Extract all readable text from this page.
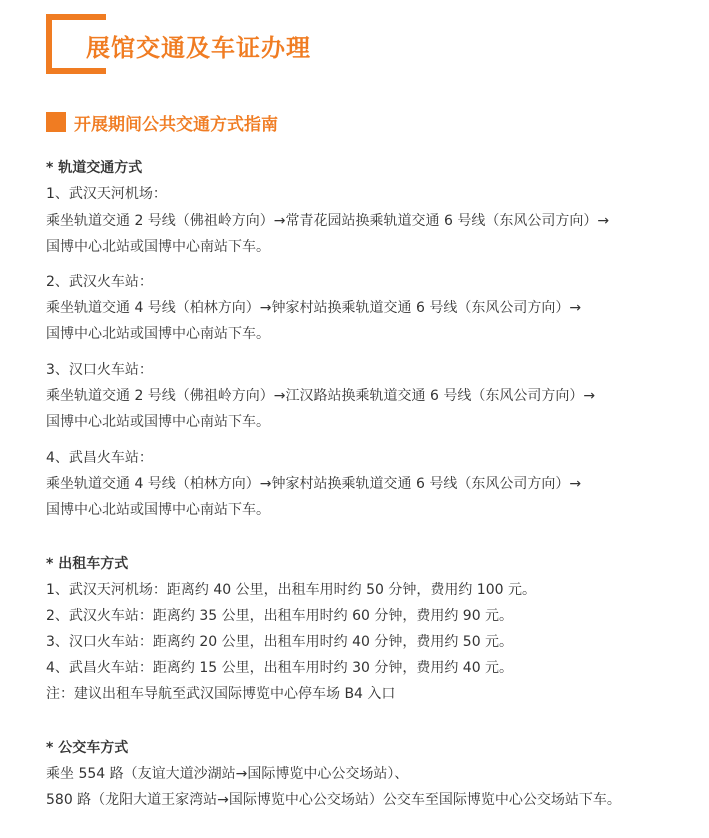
展馆交通及车证办理
开展期间公共交通方式指南
* 轨道交通方式
1、武汉天河机场：
乘坐轨道交通 2 号线（佛祖岭方向）→常青花园站换乘轨道交通 6 号线（东风公司方向）→
国博中心北站或国博中心南站下车。
2、武汉火车站：
乘坐轨道交通 4 号线（柏林方向）→钟家村站换乘轨道交通 6 号线（东风公司方向）→
国博中心北站或国博中心南站下车。
3、汉口火车站：
乘坐轨道交通 2 号线（佛祖岭方向）→江汉路站换乘轨道交通 6 号线（东风公司方向）→
国博中心北站或国博中心南站下车。
4、武昌火车站：
乘坐轨道交通 4 号线（柏林方向）→钟家村站换乘轨道交通 6 号线（东风公司方向）→
国博中心北站或国博中心南站下车。
* 出租车方式
1、武汉天河机场：距离约 40 公里，出租车用时约 50 分钟，费用约 100 元。
2、武汉火车站：距离约 35 公里，出租车用时约 60 分钟，费用约 90 元。
3、汉口火车站：距离约 20 公里，出租车用时约 40 分钟，费用约 50 元。
4、武昌火车站：距离约 15 公里，出租车用时约 30 分钟，费用约 40 元。
注：建议出租车导航至武汉国际博览中心停车场 B4 入口
* 公交车方式
乘坐 554 路（友谊大道沙湖站→国际博览中心公交场站）、
580 路（龙阳大道王家湾站→国际博览中心公交场站）公交车至国际博览中心公交场站下车。
